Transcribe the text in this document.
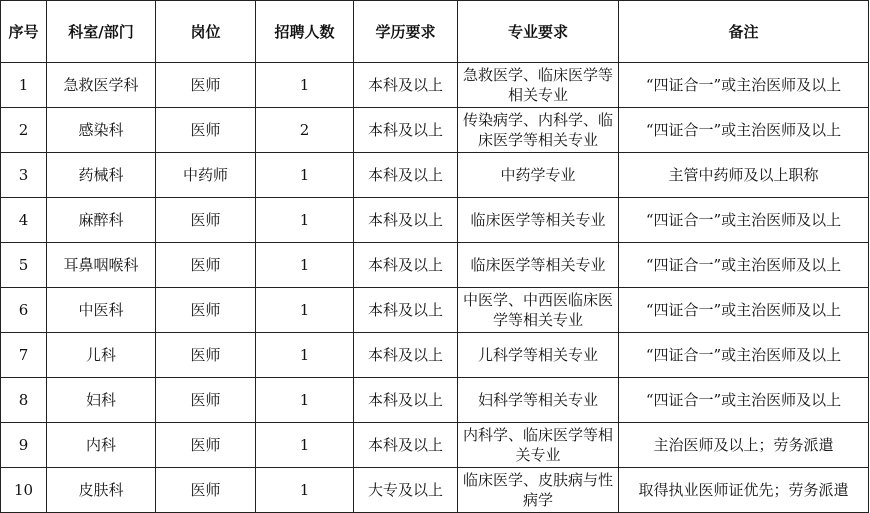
序号	科室/部门	岗位	招聘人数	学历要求	专业要求	备注
1	急救医学科	医师	1	本科及以上	急救医学、临床医学等相关专业	“四证合一”或主治医师及以上
2	感染科	医师	2	本科及以上	传染病学、内科学、临床医学等相关专业	“四证合一”或主治医师及以上
3	药械科	中药师	1	本科及以上	中药学专业	主管中药师及以上职称
4	麻醉科	医师	1	本科及以上	临床医学等相关专业	“四证合一”或主治医师及以上
5	耳鼻咽喉科	医师	1	本科及以上	临床医学等相关专业	“四证合一”或主治医师及以上
6	中医科	医师	1	本科及以上	中医学、中西医临床医学等相关专业	“四证合一”或主治医师及以上
7	儿科	医师	1	本科及以上	儿科学等相关专业	“四证合一”或主治医师及以上
8	妇科	医师	1	本科及以上	妇科学等相关专业	“四证合一”或主治医师及以上
9	内科	医师	1	本科及以上	内科学、临床医学等相关专业	主治医师及以上；劳务派遣
10	皮肤科	医师	1	大专及以上	临床医学、皮肤病与性病学	取得执业医师证优先；劳务派遣
